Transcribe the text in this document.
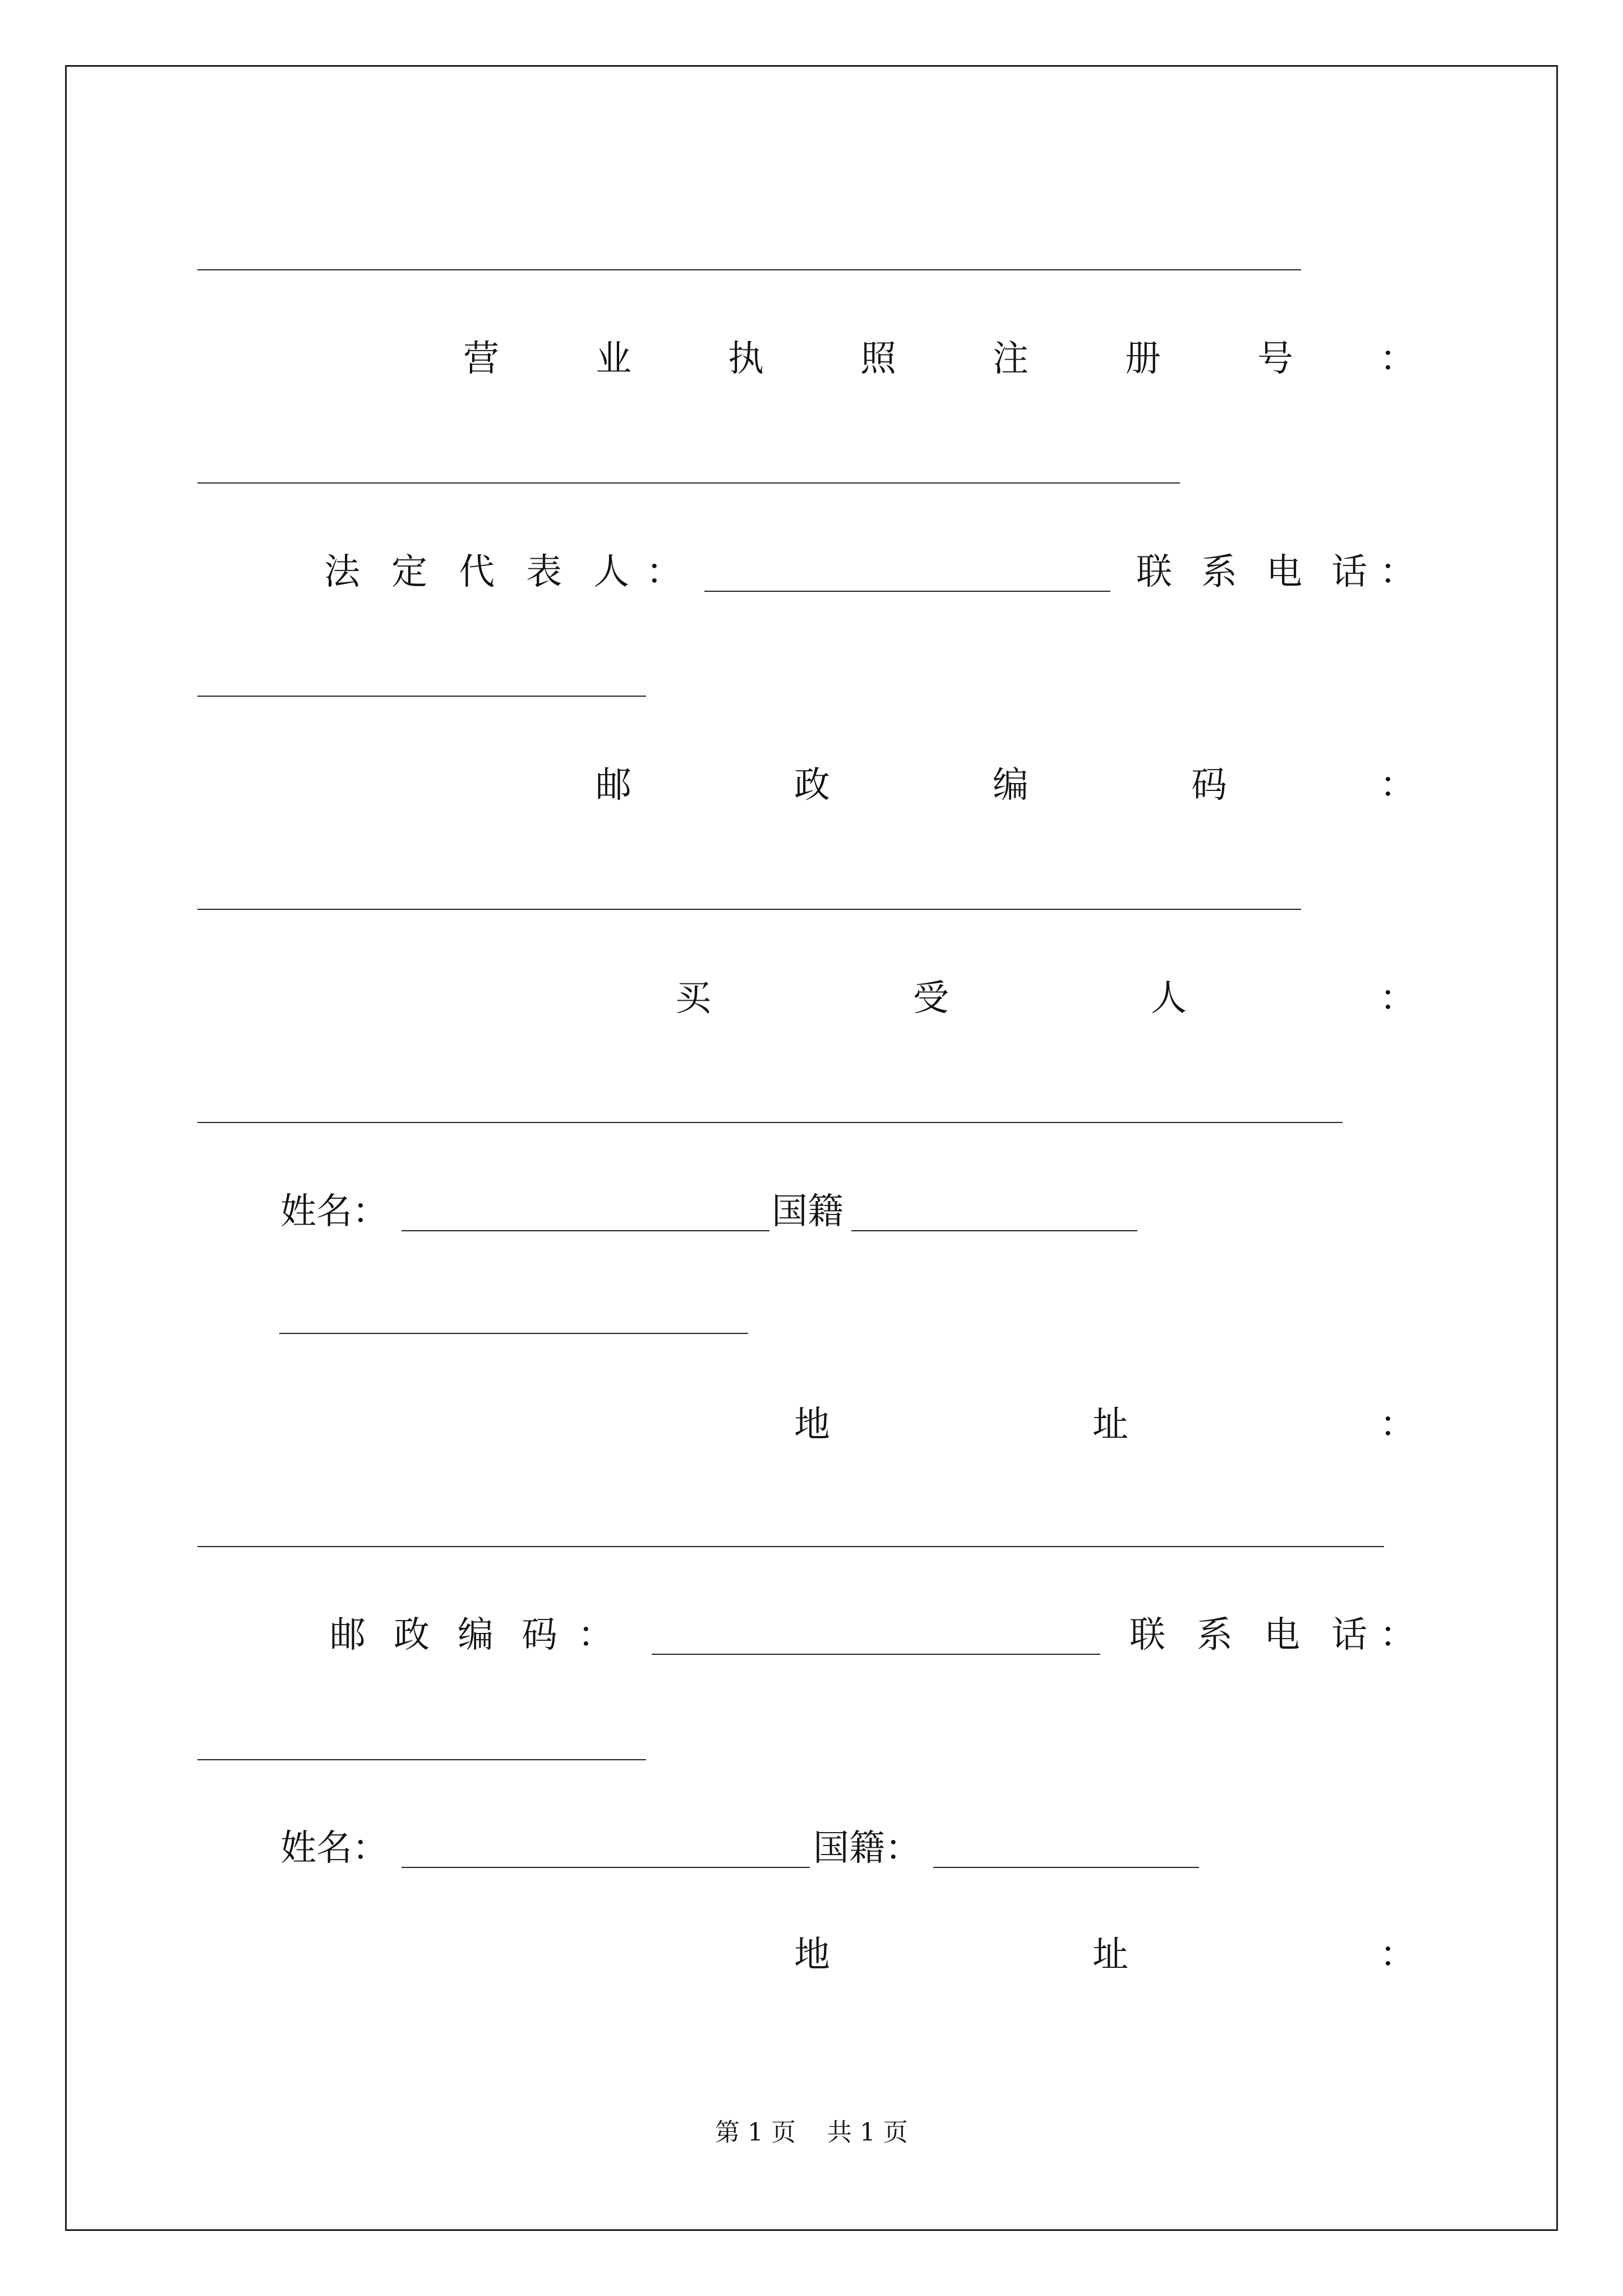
营	业	执	照	注	册	号 ：
法 定 代 表 人 ：	联 系 电 话 ：
邮	政	编	码	：
买	受	人	：
姓名：	国籍
地	址	：
邮 政 编 码 ：	联 系 电 话 ：
姓名：	国籍：
地	址	：
第 1 页 共 1 页
